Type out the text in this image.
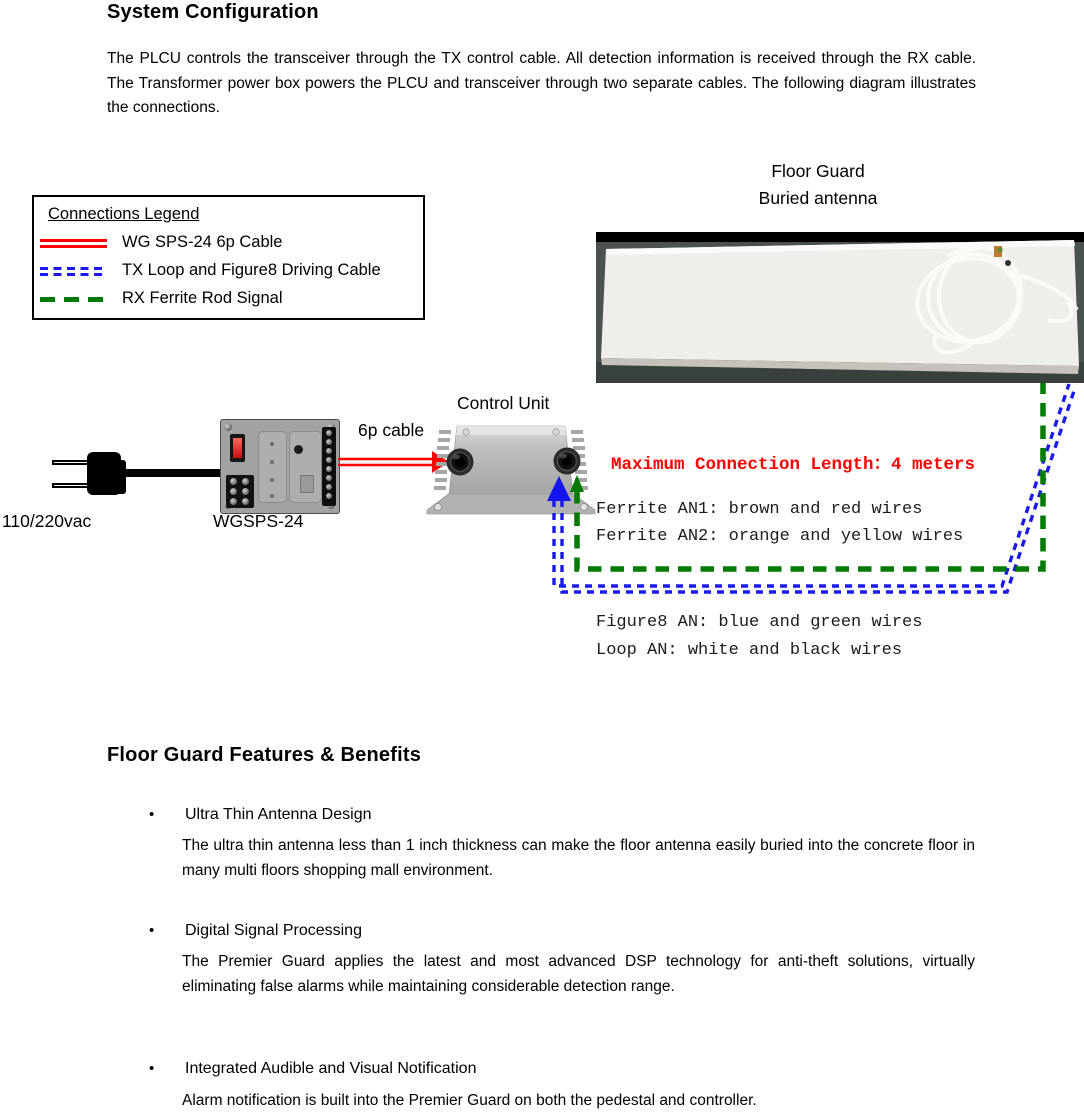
System Configuration
The PLCU controls the transceiver through the TX control cable. All detection information is received through the RX cable. The Transformer power box powers the PLCU and transceiver through two separate cables. The following diagram illustrates the connections.
Floor Guard
Buried antenna
Connections Legend
WG SPS-24 6p Cable
TX Loop and Figure8 Driving Cable
RX Ferrite Rod Signal
110/220vac	WGSPS-24
6p cable
Control Unit
Maximum Connection Length：4 meters
Ferrite AN1: brown and red wires
Ferrite AN2: orange and yellow wires
Figure8 AN: blue and green wires
Loop AN: white and black wires
Floor Guard Features & Benefits
• Ultra Thin Antenna Design
The ultra thin antenna less than 1 inch thickness can make the floor antenna easily buried into the concrete floor in many multi floors shopping mall environment.
• Digital Signal Processing
The Premier Guard applies the latest and most advanced DSP technology for anti-theft solutions, virtually eliminating false alarms while maintaining considerable detection range.
• Integrated Audible and Visual Notification
Alarm notification is built into the Premier Guard on both the pedestal and controller.
